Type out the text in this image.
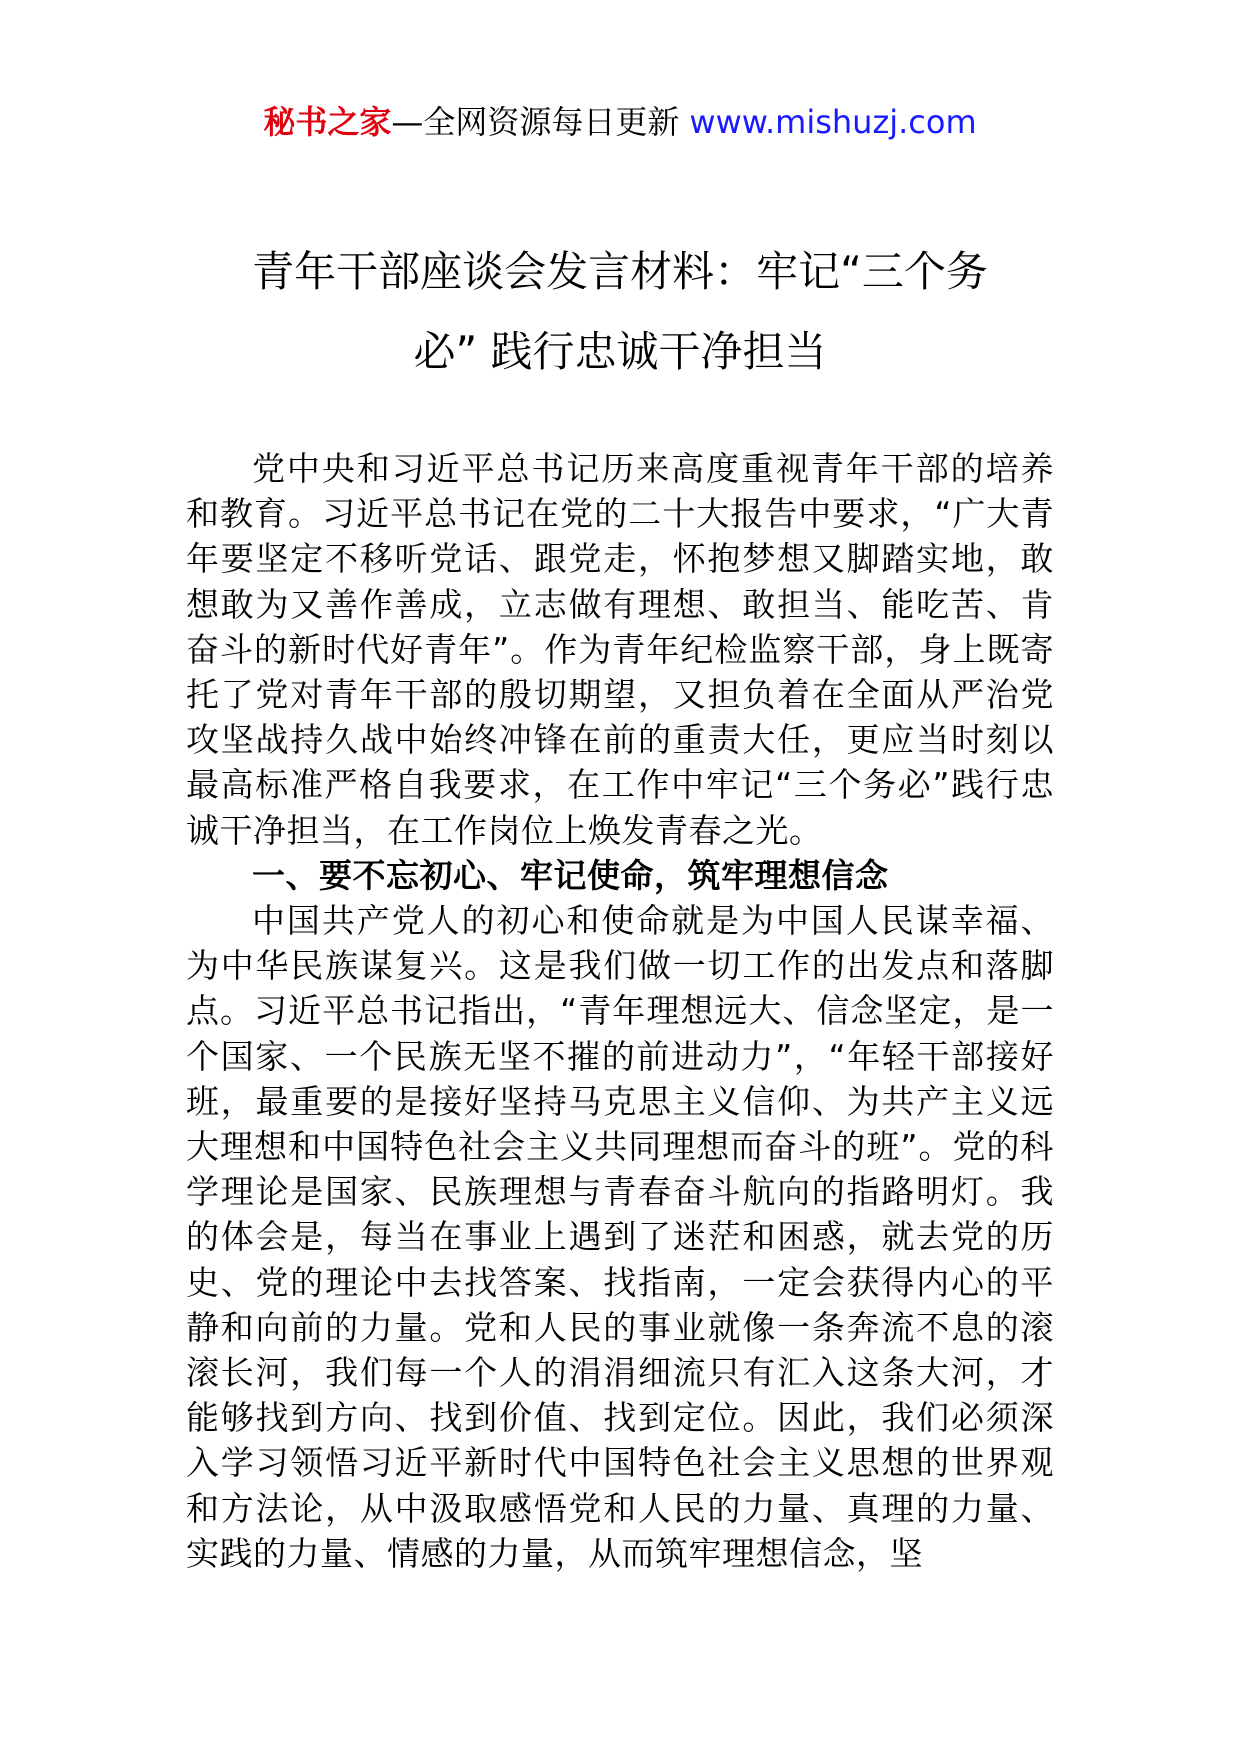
秘书之家—全网资源每日更新 www.mishuzj.com
青年干部座谈会发言材料：牢记“三个务
必” 践行忠诚干净担当

党中央和习近平总书记历来高度重视青年干部的培养和教育。习近平总书记在党的二十大报告中要求，“广大青年要坚定不移听党话、跟党走，怀抱梦想又脚踏实地，敢想敢为又善作善成，立志做有理想、敢担当、能吃苦、肯奋斗的新时代好青年”。作为青年纪检监察干部，身上既寄托了党对青年干部的殷切期望，又担负着在全面从严治党攻坚战持久战中始终冲锋在前的重责大任，更应当时刻以最高标准严格自我要求，在工作中牢记“三个务必”践行忠诚干净担当，在工作岗位上焕发青春之光。

一、要不忘初心、牢记使命，筑牢理想信念

中国共产党人的初心和使命就是为中国人民谋幸福、为中华民族谋复兴。这是我们做一切工作的出发点和落脚点。习近平总书记指出，“青年理想远大、信念坚定，是一个国家、一个民族无坚不摧的前进动力”，“年轻干部接好班，最重要的是接好坚持马克思主义信仰、为共产主义远大理想和中国特色社会主义共同理想而奋斗的班”。党的科学理论是国家、民族理想与青春奋斗航向的指路明灯。我的体会是，每当在事业上遇到了迷茫和困惑，就去党的历史、党的理论中去找答案、找指南，一定会获得内心的平静和向前的力量。党和人民的事业就像一条奔流不息的滚滚长河，我们每一个人的涓涓细流只有汇入这条大河，才能够找到方向、找到价值、找到定位。因此，我们必须深入学习领悟习近平新时代中国特色社会主义思想的世界观和方法论，从中汲取感悟党和人民的力量、真理的力量、实践的力量、情感的力量，从而筑牢理想信念，坚
